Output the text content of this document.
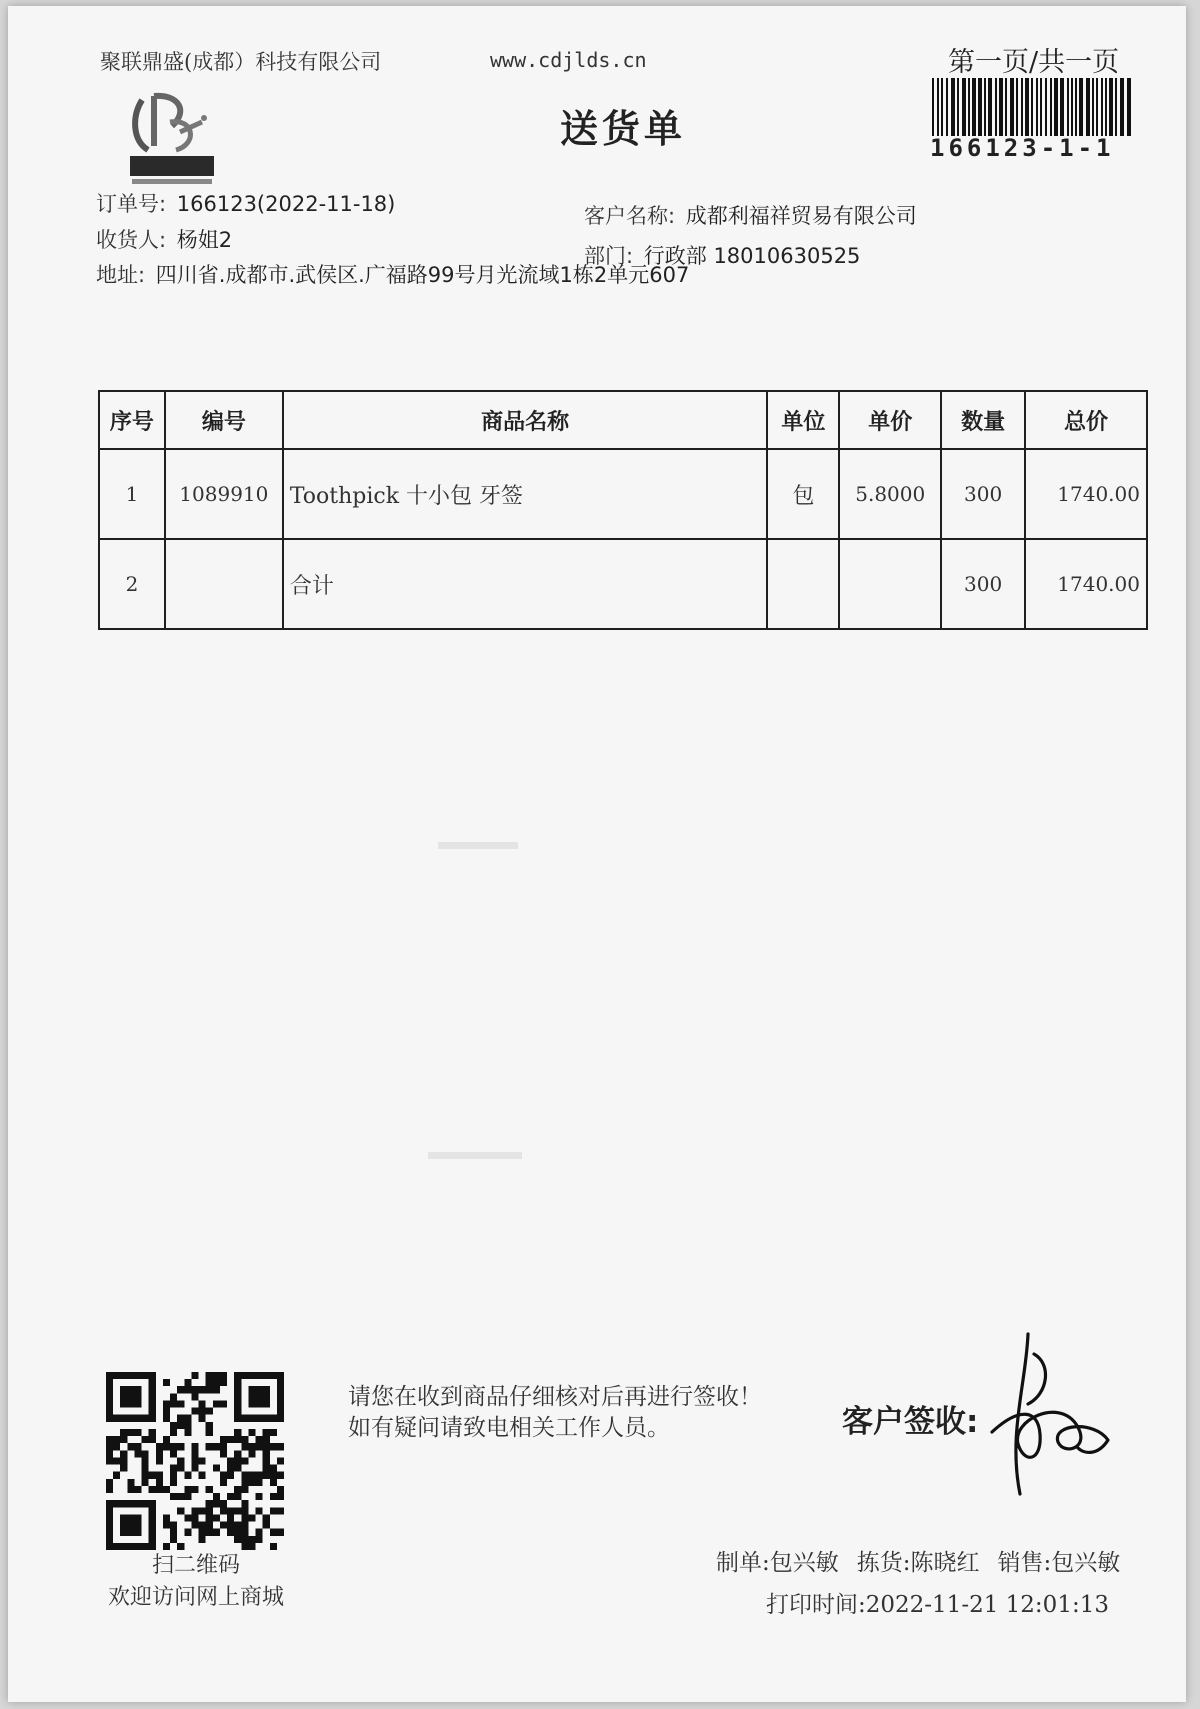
聚联鼎盛(成都）科技有限公司	www.cdjlds.cn	第一页/共一页
送货单	166123-1-1
订单号: 166123(2022-11-18)
收货人: 杨姐2
地址: 四川省.成都市.武侯区.广福路99号月光流域1栋2单元607
客户名称: 成都利福祥贸易有限公司
部门: 行政部 18010630525
序号	编号	商品名称	单位	单价	数量	总价
1	1089910	Toothpick 十小包 牙签	包	5.8000	300	1740.00
2		合计			300	1740.00
扫二维码
欢迎访问网上商城
请您在收到商品仔细核对后再进行签收！如有疑问请致电相关工作人员。	客户签收:
制单:包兴敏 拣货:陈晓红 销售:包兴敏
打印时间:2022-11-21 12:01:13
